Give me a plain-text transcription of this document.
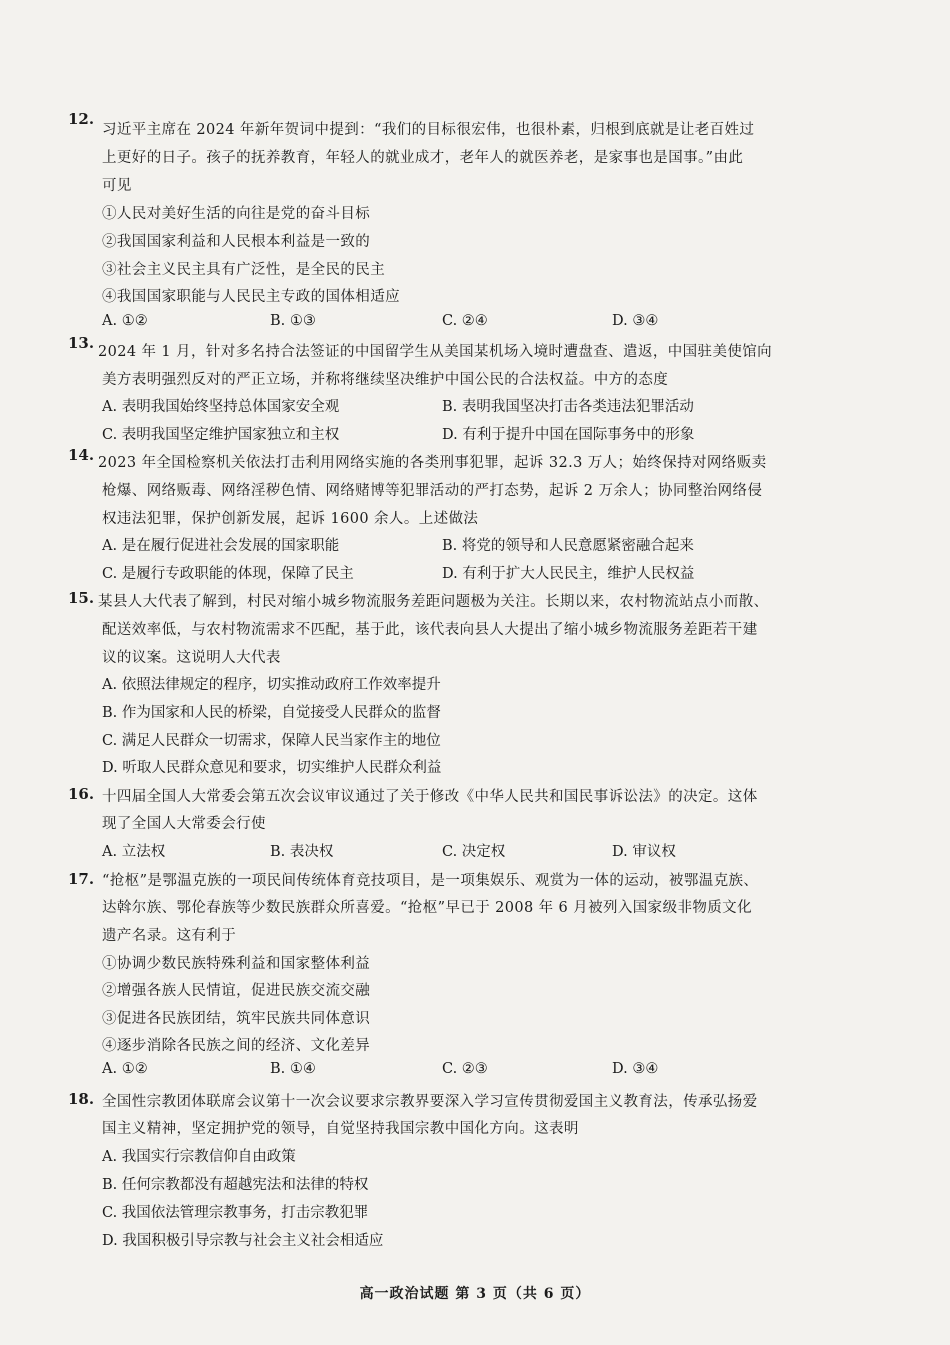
12.
习近平主席在 2024 年新年贺词中提到：“我们的目标很宏伟，也很朴素，归根到底就是让老百姓过
上更好的日子。孩子的抚养教育，年轻人的就业成才，老年人的就医养老，是家事也是国事。”由此
可见
①人民对美好生活的向往是党的奋斗目标
②我国国家利益和人民根本利益是一致的
③社会主义民主具有广泛性，是全民的民主
④我国国家职能与人民民主专政的国体相适应
A. ①②	B. ①③	C. ②④	D. ③④
13. 2024 年 1 月，针对多名持合法签证的中国留学生从美国某机场入境时遭盘查、遣返，中国驻美使馆向
美方表明强烈反对的严正立场，并称将继续坚决维护中国公民的合法权益。中方的态度
A. 表明我国始终坚持总体国家安全观	B. 表明我国坚决打击各类违法犯罪活动
C. 表明我国坚定维护国家独立和主权	D. 有利于提升中国在国际事务中的形象
14. 2023 年全国检察机关依法打击利用网络实施的各类刑事犯罪，起诉 32.3 万人；始终保持对网络贩卖
枪爆、网络贩毒、网络淫秽色情、网络赌博等犯罪活动的严打态势，起诉 2 万余人；协同整治网络侵
权违法犯罪，保护创新发展，起诉 1600 余人。上述做法
A. 是在履行促进社会发展的国家职能	B. 将党的领导和人民意愿紧密融合起来
C. 是履行专政职能的体现，保障了民主	D. 有利于扩大人民民主，维护人民权益
15. 某县人大代表了解到，村民对缩小城乡物流服务差距问题极为关注。长期以来，农村物流站点小而散、
配送效率低，与农村物流需求不匹配，基于此，该代表向县人大提出了缩小城乡物流服务差距若干建
议的议案。这说明人大代表
A. 依照法律规定的程序，切实推动政府工作效率提升
B. 作为国家和人民的桥梁，自觉接受人民群众的监督
C. 满足人民群众一切需求，保障人民当家作主的地位
D. 听取人民群众意见和要求，切实维护人民群众利益
16. 十四届全国人大常委会第五次会议审议通过了关于修改《中华人民共和国民事诉讼法》的决定。这体
现了全国人大常委会行使
A. 立法权	B. 表决权	C. 决定权	D. 审议权
17. “抢枢”是鄂温克族的一项民间传统体育竞技项目，是一项集娱乐、观赏为一体的运动，被鄂温克族、
达斡尔族、鄂伦春族等少数民族群众所喜爱。“抢枢”早已于 2008 年 6 月被列入国家级非物质文化
遗产名录。这有利于
①协调少数民族特殊利益和国家整体利益
②增强各族人民情谊，促进民族交流交融
③促进各民族团结，筑牢民族共同体意识
④逐步消除各民族之间的经济、文化差异
A. ①②	B. ①④	C. ②③	D. ③④
18. 全国性宗教团体联席会议第十一次会议要求宗教界要深入学习宣传贯彻爱国主义教育法，传承弘扬爱
国主义精神，坚定拥护党的领导，自觉坚持我国宗教中国化方向。这表明
A. 我国实行宗教信仰自由政策
B. 任何宗教都没有超越宪法和法律的特权
C. 我国依法管理宗教事务，打击宗教犯罪
D. 我国积极引导宗教与社会主义社会相适应
高一政治试题 第 3 页（共 6 页）
